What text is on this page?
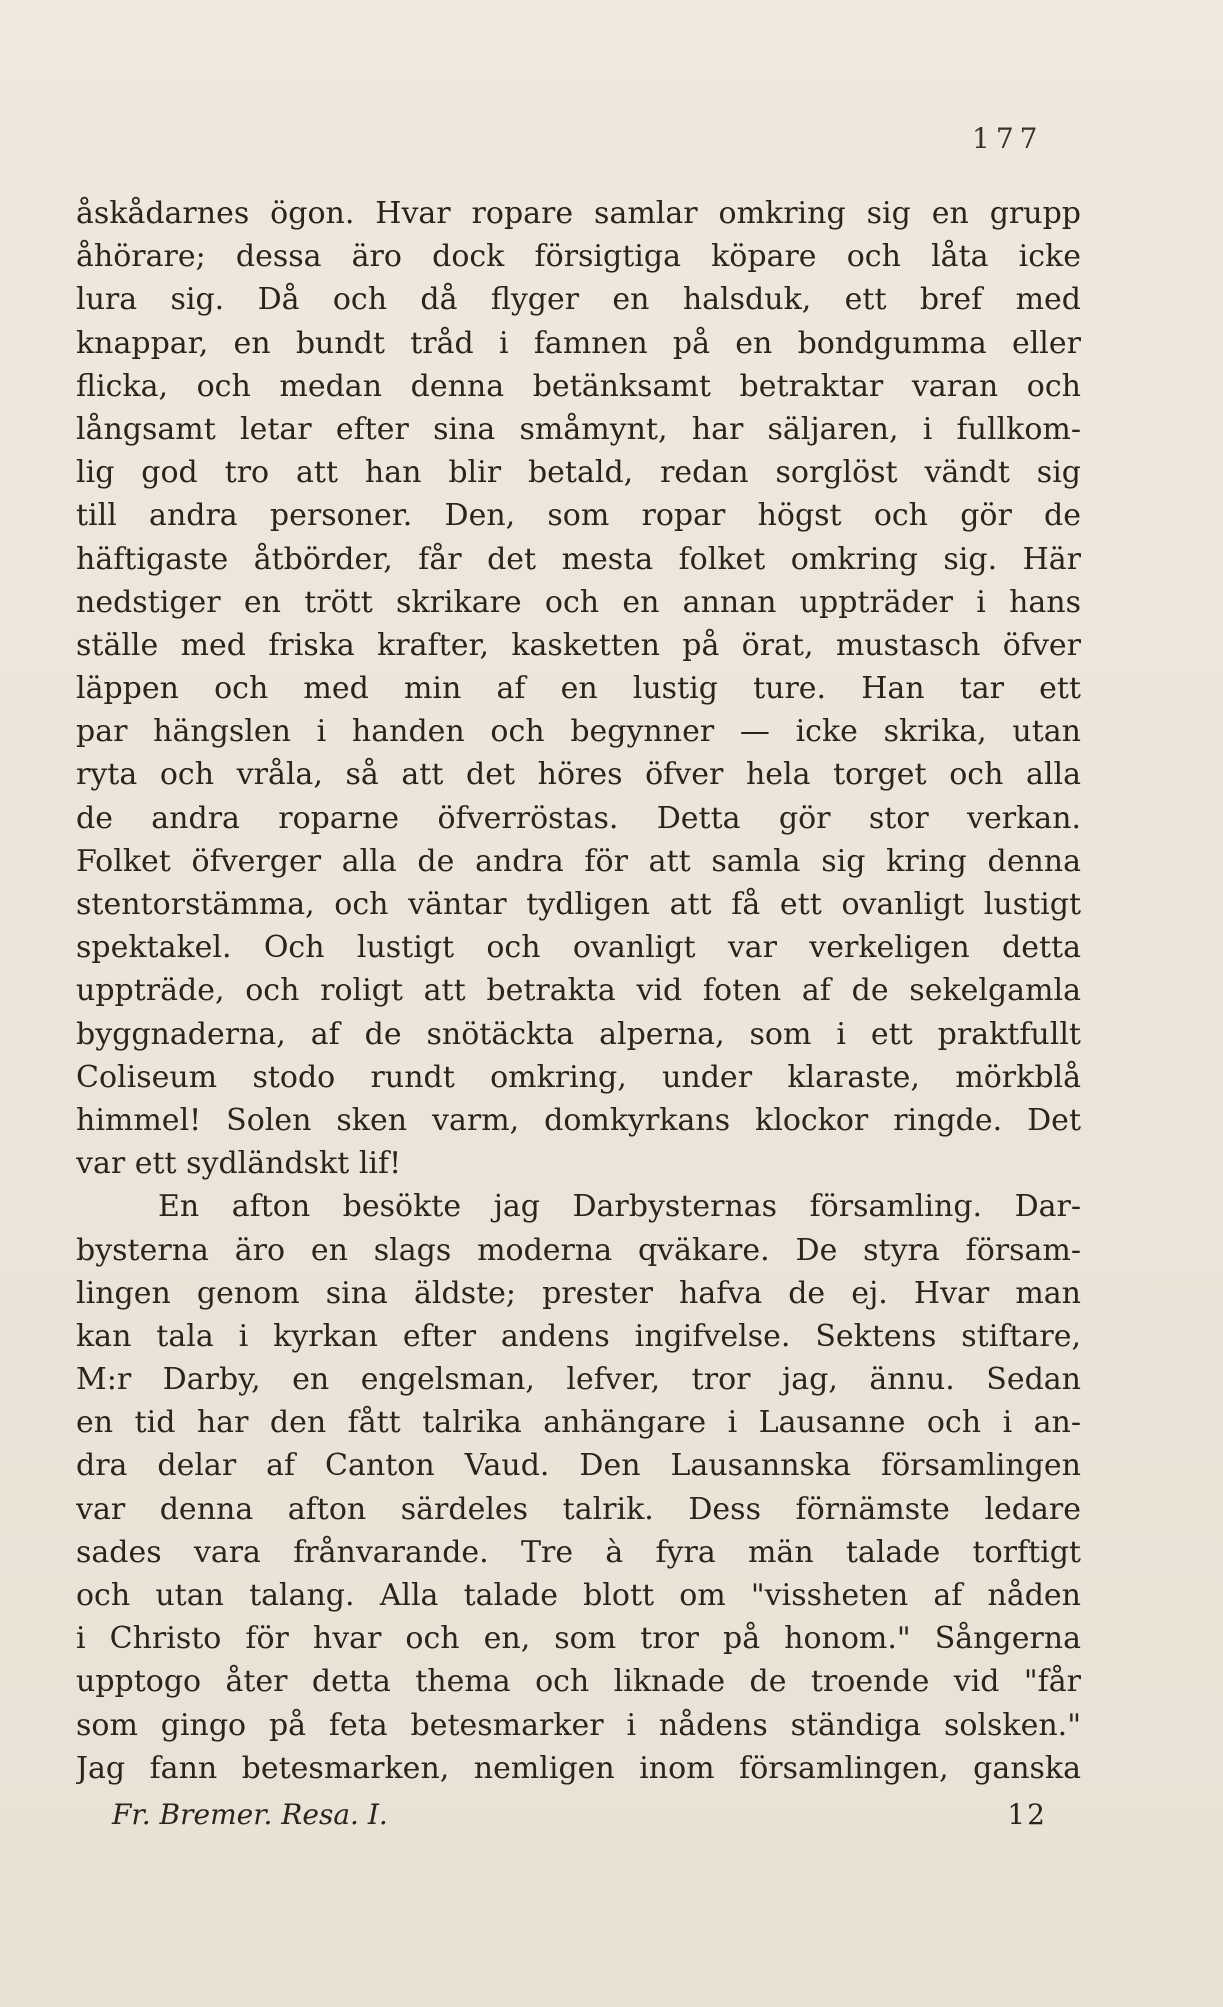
177
åskådarnes ögon. Hvar ropare samlar omkring sig en grupp
åhörare; dessa äro dock försigtiga köpare och låta icke
lura sig. Då och då flyger en halsduk, ett bref med
knappar, en bundt tråd i famnen på en bondgumma eller
flicka, och medan denna betänksamt betraktar varan och
långsamt letar efter sina småmynt, har säljaren, i fullkom-
lig god tro att han blir betald, redan sorglöst vändt sig
till andra personer. Den, som ropar högst och gör de
häftigaste åtbörder, får det mesta folket omkring sig. Här
nedstiger en trött skrikare och en annan uppträder i hans
ställe med friska krafter, kasketten på örat, mustasch öfver
läppen och med min af en lustig ture. Han tar ett
par hängslen i handen och begynner — icke skrika, utan
ryta och vråla, så att det höres öfver hela torget och alla
de andra roparne öfverröstas. Detta gör stor verkan.
Folket öfverger alla de andra för att samla sig kring denna
stentorstämma, och väntar tydligen att få ett ovanligt lustigt
spektakel. Och lustigt och ovanligt var verkeligen detta
uppträde, och roligt att betrakta vid foten af de sekelgamla
byggnaderna, af de snötäckta alperna, som i ett praktfullt
Coliseum stodo rundt omkring, under klaraste, mörkblå
himmel! Solen sken varm, domkyrkans klockor ringde. Det
var ett sydländskt lif!
En afton besökte jag Darbysternas församling. Dar-
bysterna äro en slags moderna qväkare. De styra försam-
lingen genom sina äldste; prester hafva de ej. Hvar man
kan tala i kyrkan efter andens ingifvelse. Sektens stiftare,
M:r Darby, en engelsman, lefver, tror jag, ännu. Sedan
en tid har den fått talrika anhängare i Lausanne och i an-
dra delar af Canton Vaud. Den Lausannska församlingen
var denna afton särdeles talrik. Dess förnämste ledare
sades vara frånvarande. Tre à fyra män talade torftigt
och utan talang. Alla talade blott om "vissheten af nåden
i Christo för hvar och en, som tror på honom." Sångerna
upptogo åter detta thema och liknade de troende vid "får
som gingo på feta betesmarker i nådens ständiga solsken."
Jag fann betesmarken, nemligen inom församlingen, ganska
Fr. Bremer. Resa. I.	12
